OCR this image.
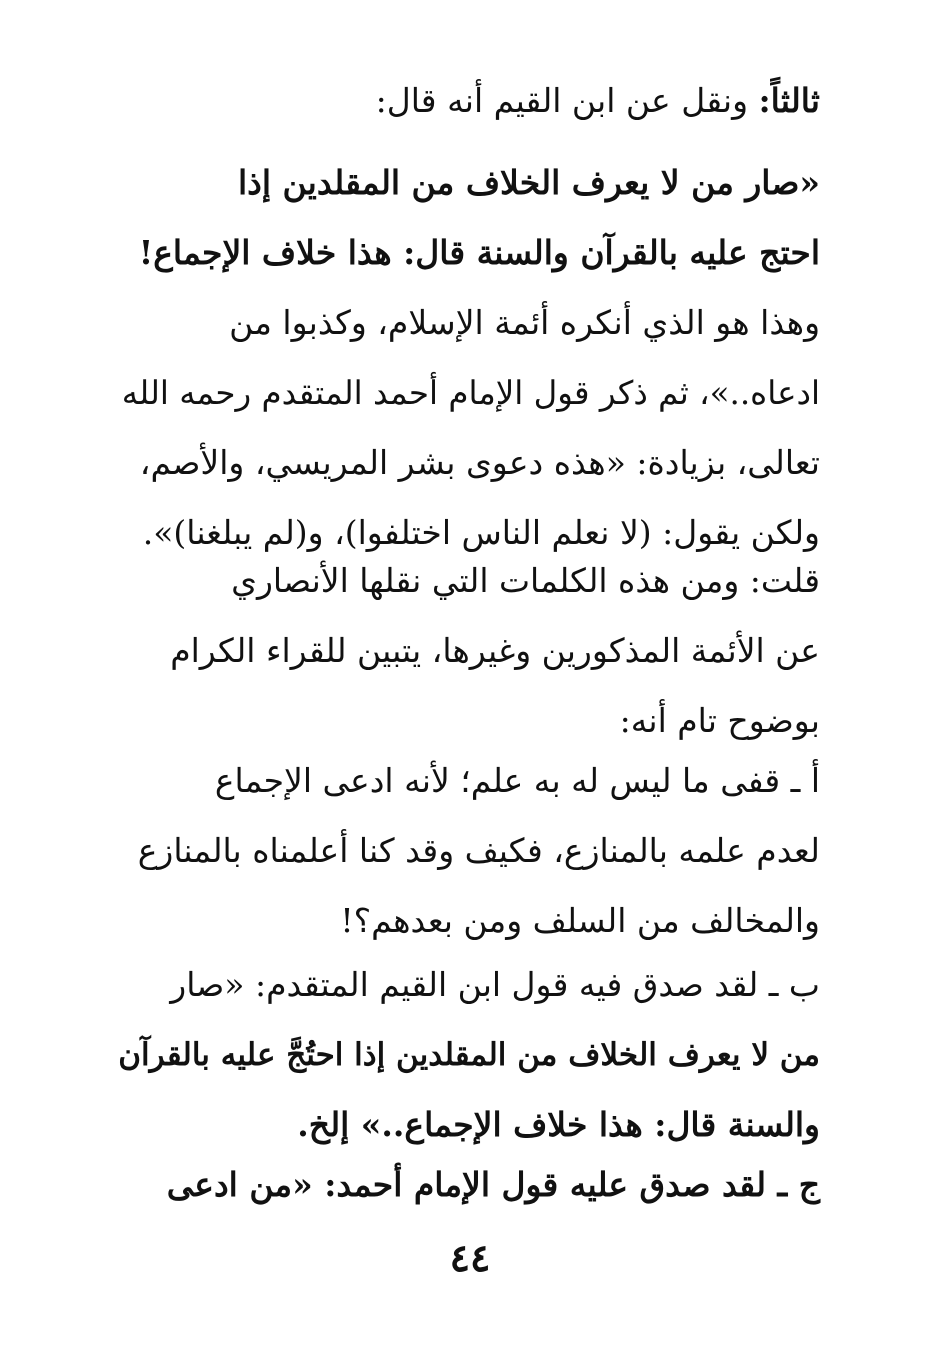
ثالثاً: ونقل عن ابن القيم أنه قال:
«صار من لا يعرف الخلاف من المقلدين إذا
احتج عليه بالقرآن والسنة قال: هذا خلاف الإجماع!
وهذا هو الذي أنكره أئمة الإسلام، وكذبوا من
ادعاه..»، ثم ذكر قول الإمام أحمد المتقدم رحمه الله
تعالى، بزيادة: «هذه دعوى بشر المريسي، والأصم،
ولكن يقول: (لا نعلم الناس اختلفوا)، و(لم يبلغنا)».
قلت: ومن هذه الكلمات التي نقلها الأنصاري
عن الأئمة المذكورين وغيرها، يتبين للقراء الكرام
بوضوح تام أنه:
أ ـ قفى ما ليس له به علم؛ لأنه ادعى الإجماع
لعدم علمه بالمنازع، فكيف وقد كنا أعلمناه بالمنازع
والمخالف من السلف ومن بعدهم؟!
ب ـ لقد صدق فيه قول ابن القيم المتقدم: «صار
من لا يعرف الخلاف من المقلدين إذا احتُجَّ عليه بالقرآن
والسنة قال: هذا خلاف الإجماع..» إلخ.
ج ـ لقد صدق عليه قول الإمام أحمد: «من ادعى
٤٤
